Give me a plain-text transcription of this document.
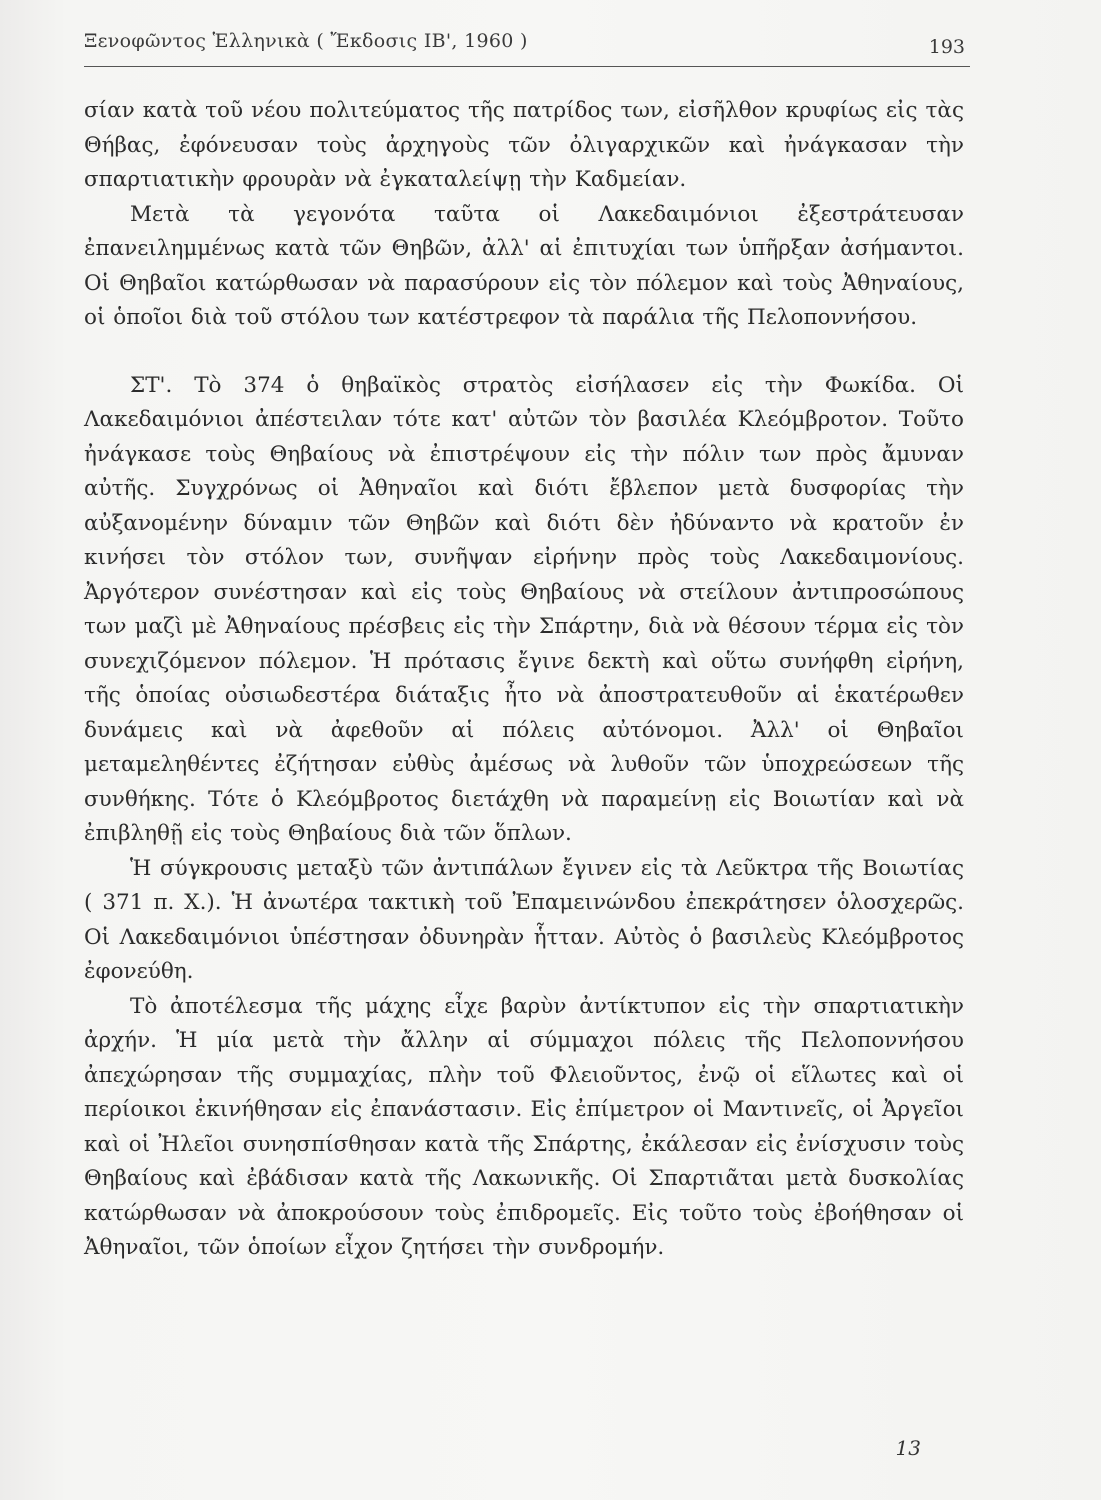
Ξενοφῶντος Ἑλληνικὰ ( Ἔκδοσις ΙΒ', 1960 )	193

σίαν κατὰ τοῦ νέου πολιτεύματος τῆς πατρίδος των, εἰσῆλθον κρυφίως εἰς τὰς Θήβας, ἐφόνευσαν τοὺς ἀρχηγοὺς τῶν ὀλιγαρχικῶν καὶ ἠνάγκασαν τὴν σπαρτιατικὴν φρουρὰν νὰ ἐγκαταλείψῃ τὴν Καδμείαν.

Μετὰ τὰ γεγονότα ταῦτα οἱ Λακεδαιμόνιοι ἐξεστράτευσαν ἐπανειλημμένως κατὰ τῶν Θηβῶν, ἀλλ' αἱ ἐπιτυχίαι των ὑπῆρξαν ἀσήμαντοι. Οἱ Θηβαῖοι κατώρθωσαν νὰ παρασύρουν εἰς τὸν πόλεμον καὶ τοὺς Ἀθηναίους, οἱ ὁποῖοι διὰ τοῦ στόλου των κατέστρεφον τὰ παράλια τῆς Πελοποννήσου.

ΣΤ'. Τὸ 374 ὁ θηβαϊκὸς στρατὸς εἰσήλασεν εἰς τὴν Φωκίδα. Οἱ Λακεδαιμόνιοι ἀπέστειλαν τότε κατ' αὐτῶν τὸν βασιλέα Κλεόμβροτον. Τοῦτο ἠνάγκασε τοὺς Θηβαίους νὰ ἐπιστρέψουν εἰς τὴν πόλιν των πρὸς ἄμυναν αὐτῆς. Συγχρόνως οἱ Ἀθηναῖοι καὶ διότι ἔβλεπον μετὰ δυσφορίας τὴν αὐξανομένην δύναμιν τῶν Θηβῶν καὶ διότι δὲν ἠδύναντο νὰ κρατοῦν ἐν κινήσει τὸν στόλον των, συνῆψαν εἰρήνην πρὸς τοὺς Λακεδαιμονίους. Ἀργότερον συνέστησαν καὶ εἰς τοὺς Θηβαίους νὰ στείλουν ἀντιπροσώπους των μαζὶ μὲ Ἀθηναίους πρέσβεις εἰς τὴν Σπάρτην, διὰ νὰ θέσουν τέρμα εἰς τὸν συνεχιζόμενον πόλεμον. Ἡ πρότασις ἔγινε δεκτὴ καὶ οὕτω συνήφθη εἰρήνη, τῆς ὁποίας οὐσιωδεστέρα διάταξις ἦτο νὰ ἀποστρατευθοῦν αἱ ἑκατέρωθεν δυνάμεις καὶ νὰ ἀφεθοῦν αἱ πόλεις αὐτόνομοι. Ἀλλ' οἱ Θηβαῖοι μεταμεληθέντες ἐζήτησαν εὐθὺς ἀμέσως νὰ λυθοῦν τῶν ὑποχρεώσεων τῆς συνθήκης. Τότε ὁ Κλεόμβροτος διετάχθη νὰ παραμείνῃ εἰς Βοιωτίαν καὶ νὰ ἐπιβληθῇ εἰς τοὺς Θηβαίους διὰ τῶν ὅπλων.

Ἡ σύγκρουσις μεταξὺ τῶν ἀντιπάλων ἔγινεν εἰς τὰ Λεῦκτρα τῆς Βοιωτίας ( 371 π. Χ.). Ἡ ἀνωτέρα τακτικὴ τοῦ Ἐπαμεινώνδου ἐπεκράτησεν ὁλοσχερῶς. Οἱ Λακεδαιμόνιοι ὑπέστησαν ὀδυνηρὰν ἧτταν. Αὐτὸς ὁ βασιλεὺς Κλεόμβροτος ἐφονεύθη.

Τὸ ἀποτέλεσμα τῆς μάχης εἶχε βαρὺν ἀντίκτυπον εἰς τὴν σπαρτιατικὴν ἀρχήν. Ἡ μία μετὰ τὴν ἄλλην αἱ σύμμαχοι πόλεις τῆς Πελοποννήσου ἀπεχώρησαν τῆς συμμαχίας, πλὴν τοῦ Φλειοῦντος, ἐνῷ οἱ εἵλωτες καὶ οἱ περίοικοι ἐκινήθησαν εἰς ἐπανάστασιν. Εἰς ἐπίμετρον οἱ Μαντινεῖς, οἱ Ἀργεῖοι καὶ οἱ Ἠλεῖοι συνησπίσθησαν κατὰ τῆς Σπάρτης, ἐκάλεσαν εἰς ἐνίσχυσιν τοὺς Θηβαίους καὶ ἐβάδισαν κατὰ τῆς Λακωνικῆς. Οἱ Σπαρτιᾶται μετὰ δυσκολίας κατώρθωσαν νὰ ἀποκρούσουν τοὺς ἐπιδρομεῖς. Εἰς τοῦτο τοὺς ἐβοήθησαν οἱ Ἀθηναῖοι, τῶν ὁποίων εἶχον ζητήσει τὴν συνδρομήν.

13
